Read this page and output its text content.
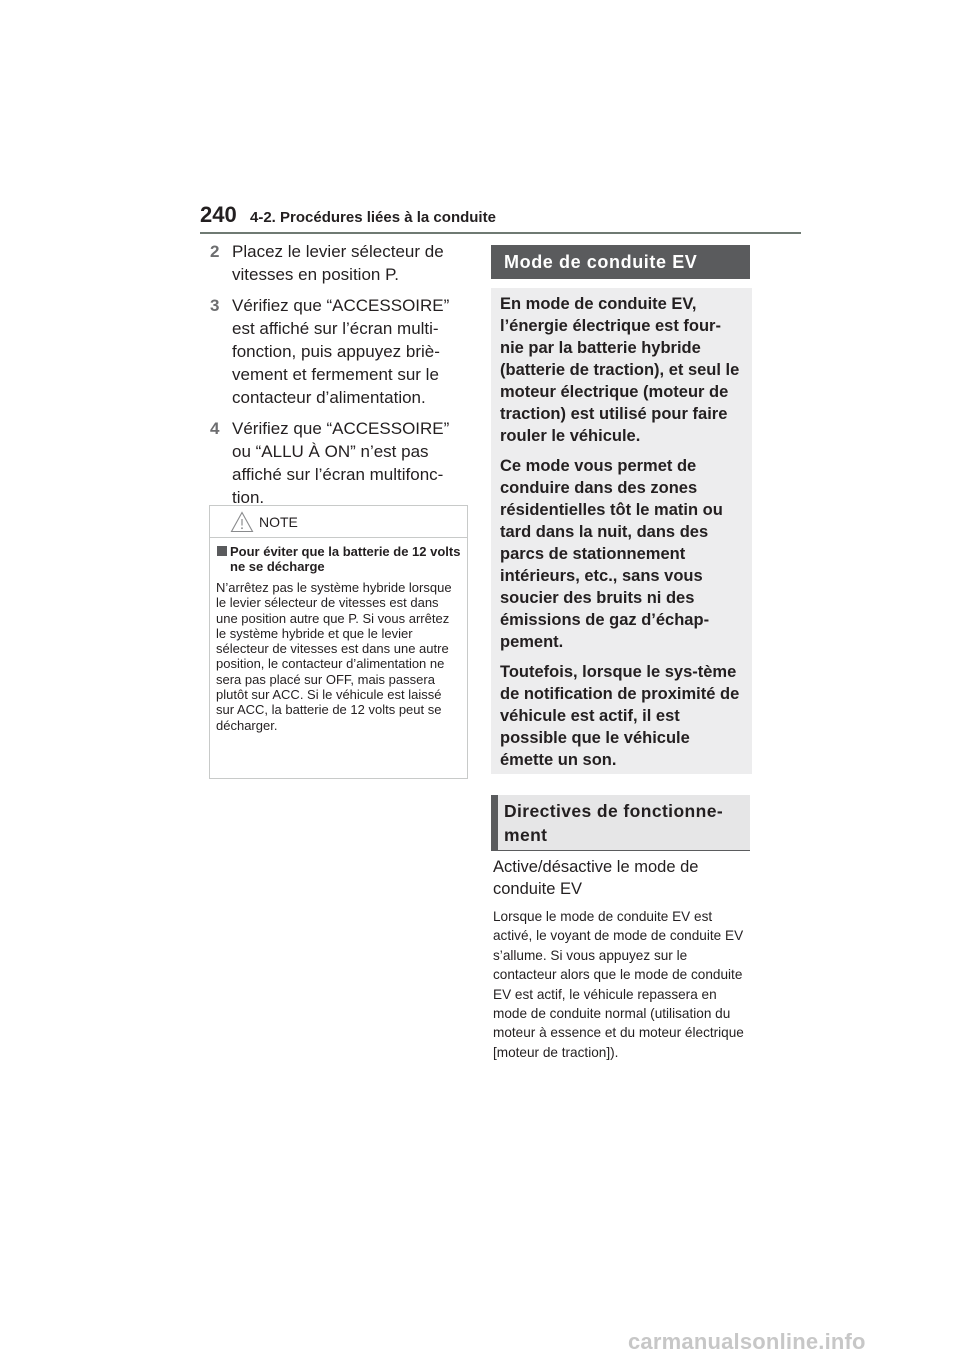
240 4-2. Procédures liées à la conduite
2 Placez le levier sélecteur de vitesses en position P.
3 Vérifiez que “ACCESSOIRE” est affiché sur l’écran multi-fonction, puis appuyez briè-vement et fermement sur le contacteur d’alimentation.
4 Vérifiez que “ACCESSOIRE” ou “ALLU À ON” n’est pas affiché sur l’écran multifonc-tion.
NOTE
Pour éviter que la batterie de 12 volts ne se décharge
N’arrêtez pas le système hybride lorsque le levier sélecteur de vitesses est dans une position autre que P. Si vous arrêtez le système hybride et que le levier sélecteur de vitesses est dans une autre position, le contacteur d’alimentation ne sera pas placé sur OFF, mais passera plutôt sur ACC. Si le véhicule est laissé sur ACC, la batterie de 12 volts peut se décharger.
Mode de conduite EV

En mode de conduite EV, l’énergie électrique est four-nie par la batterie hybride (batterie de traction), et seul le moteur électrique (moteur de traction) est utilisé pour faire rouler le véhicule.

Ce mode vous permet de conduire dans des zones résidentielles tôt le matin ou tard dans la nuit, dans des parcs de stationnement intérieurs, etc., sans vous soucier des bruits ni des émissions de gaz d’échap-pement.

Toutefois, lorsque le sys-tème de notification de proximité de véhicule est actif, il est possible que le véhicule émette un son.

Directives de fonctionne-ment
Active/désactive le mode de conduite EV
Lorsque le mode de conduite EV est activé, le voyant de mode de conduite EV s’allume. Si vous appuyez sur le contacteur alors que le mode de conduite EV est actif, le véhicule repassera en mode de conduite normal (utilisation du moteur à essence et du moteur électrique [moteur de traction]).
carmanualsonline.info
